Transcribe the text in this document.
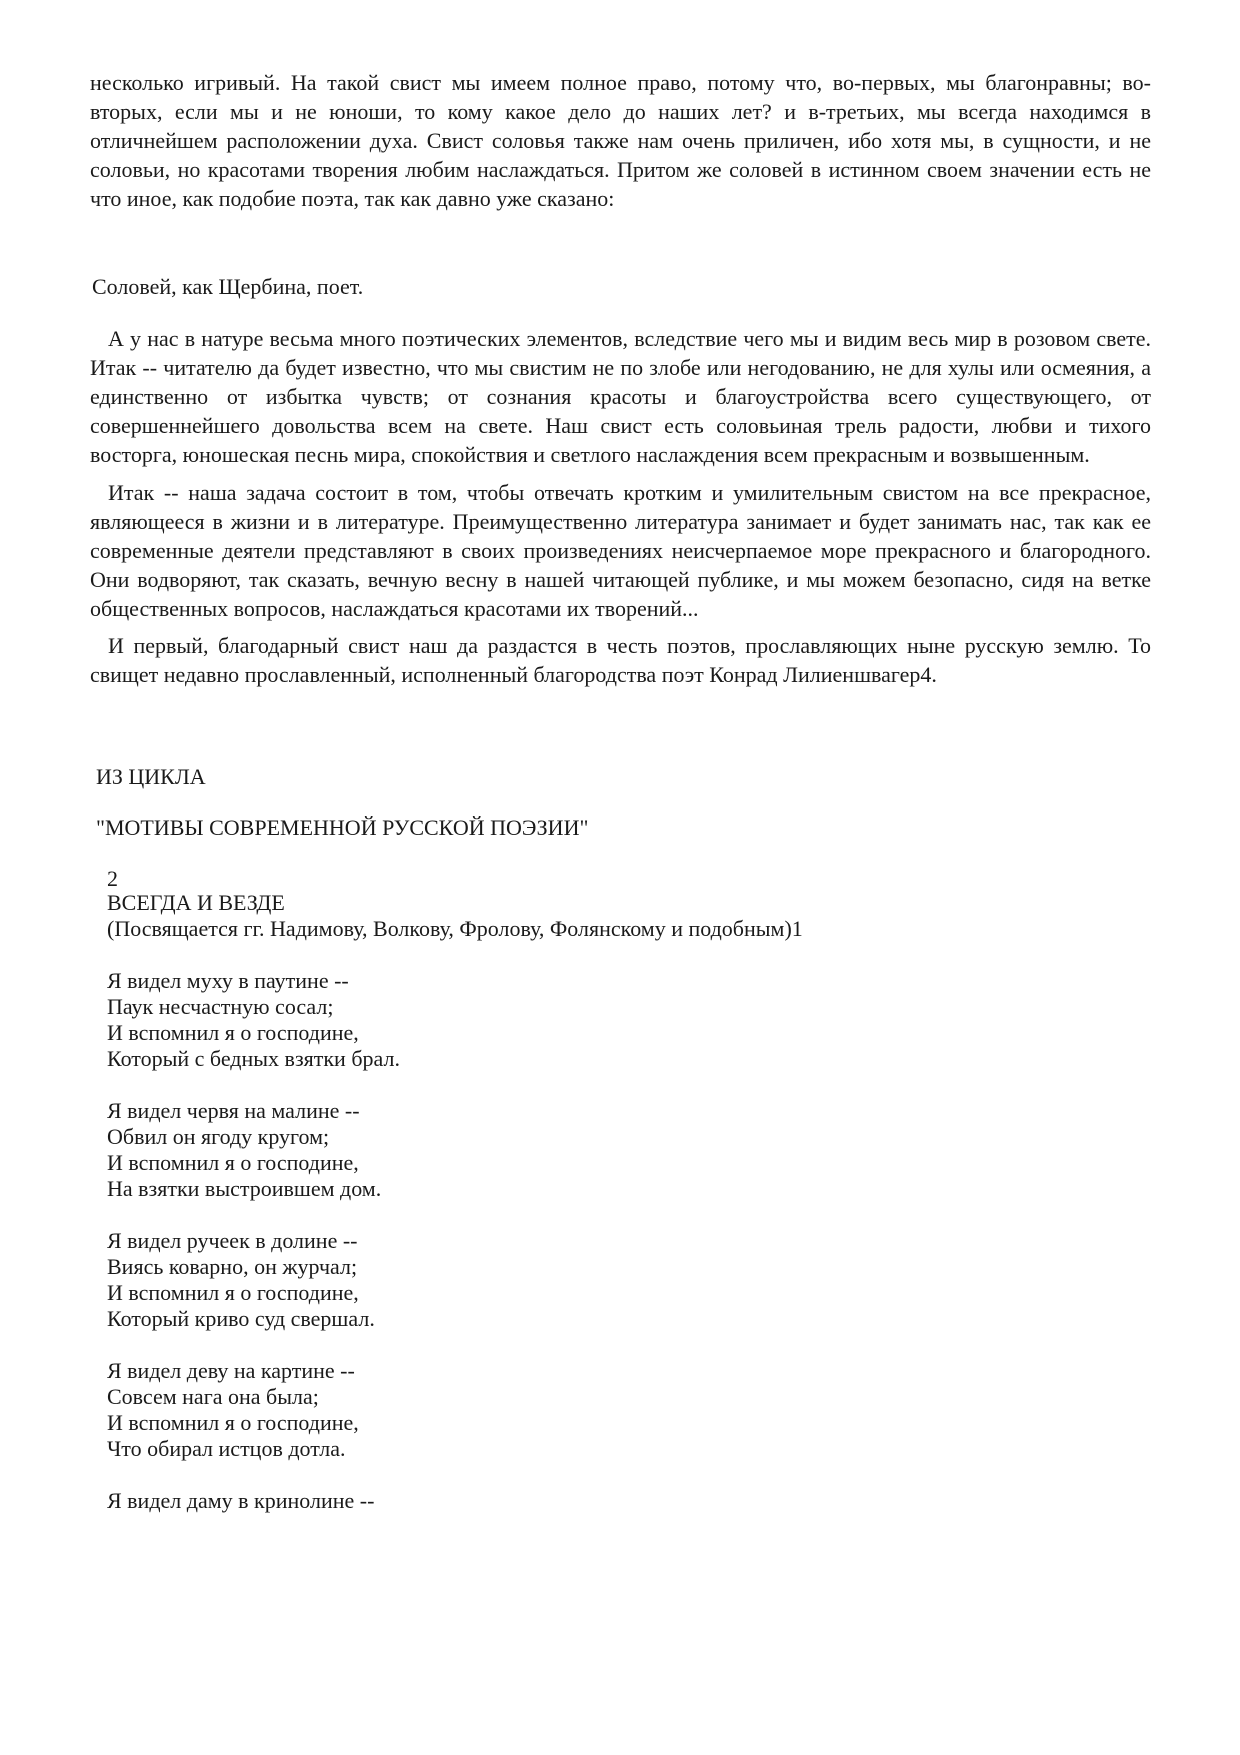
несколько игривый. На такой свист мы имеем полное право, потому что, во-первых, мы благонравны; во-вторых, если мы и не юноши, то кому какое дело до наших лет? и в-третьих, мы всегда находимся в отличнейшем расположении духа. Свист соловья также нам очень приличен, ибо хотя мы, в сущности, и не соловьи, но красотами творения любим наслаждаться. Притом же соловей в истинном своем значении есть не что иное, как подобие поэта, так как давно уже сказано:

Соловей, как Щербина, поет.

А у нас в натуре весьма много поэтических элементов, вследствие чего мы и видим весь мир в розовом свете. Итак -- читателю да будет известно, что мы свистим не по злобе или негодованию, не для хулы или осмеяния, а единственно от избытка чувств; от сознания красоты и благоустройства всего существующего, от совершеннейшего довольства всем на свете. Наш свист есть соловьиная трель радости, любви и тихого восторга, юношеская песнь мира, спокойствия и светлого наслаждения всем прекрасным и возвышенным.

Итак -- наша задача состоит в том, чтобы отвечать кротким и умилительным свистом на все прекрасное, являющееся в жизни и в литературе. Преимущественно литература занимает и будет занимать нас, так как ее современные деятели представляют в своих произведениях неисчерпаемое море прекрасного и благородного. Они водворяют, так сказать, вечную весну в нашей читающей публике, и мы можем безопасно, сидя на ветке общественных вопросов, наслаждаться красотами их творений...

И первый, благодарный свист наш да раздастся в честь поэтов, прославляющих ныне русскую землю. То свищет недавно прославленный, исполненный благородства поэт Конрад Лилиеншвагер4.

ИЗ ЦИКЛА

"МОТИВЫ СОВРЕМЕННОЙ РУССКОЙ ПОЭЗИИ"

2

ВСЕГДА И ВЕЗДЕ

(Посвящается гг. Надимову, Волкову, Фролову, Фолянскому и подобным)1

Я видел муху в паутине --

Паук несчастную сосал;

И вспомнил я о господине,

Который с бедных взятки брал.

Я видел червя на малине --

Обвил он ягоду кругом;

И вспомнил я о господине,

На взятки выстроившем дом.

Я видел ручеек в долине --

Виясь коварно, он журчал;

И вспомнил я о господине,

Который криво суд свершал.

Я видел деву на картине --

Совсем нага она была;

И вспомнил я о господине,

Что обирал истцов дотла.

Я видел даму в кринолине --
